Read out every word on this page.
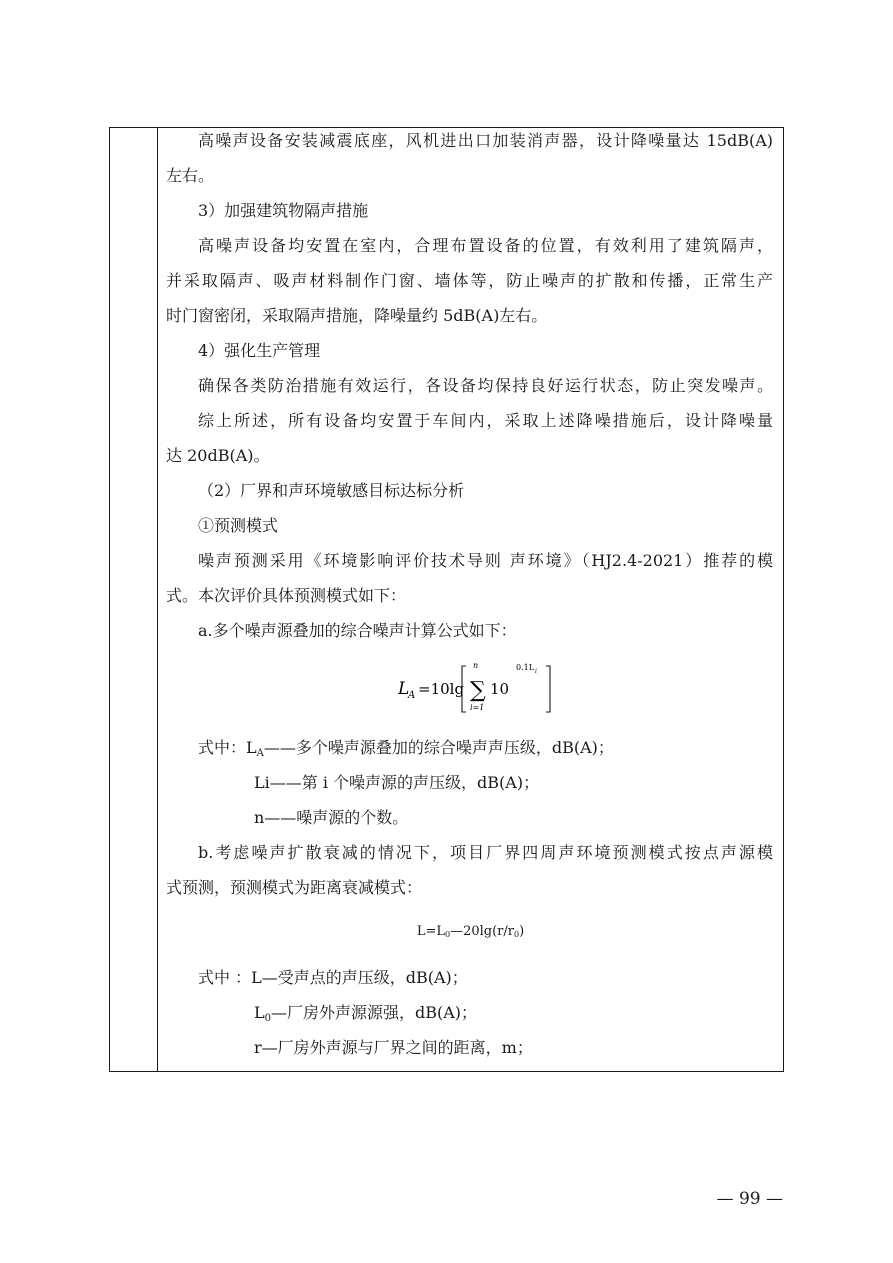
高噪声设备安装减震底座，风机进出口加装消声器，设计降噪量达 15dB(A)
左右。
3）加强建筑物隔声措施
高噪声设备均安置在室内，合理布置设备的位置，有效利用了建筑隔声，
并采取隔声、吸声材料制作门窗、墙体等，防止噪声的扩散和传播，正常生产
时门窗密闭，采取隔声措施，降噪量约 5dB(A)左右。
4）强化生产管理
确保各类防治措施有效运行，各设备均保持良好运行状态，防止突发噪声。
综上所述，所有设备均安置于车间内，采取上述降噪措施后，设计降噪量
达 20dB(A)。
（2）厂界和声环境敏感目标达标分析
①预测模式
噪声预测采用《环境影响评价技术导则 声环境》（HJ2.4-2021）推荐的模
式。本次评价具体预测模式如下：
a.多个噪声源叠加的综合噪声计算公式如下：
L
A =10lg
n
∑
i=1
10
0.1L i
式中：$L_A——$多个噪声源叠加的综合噪声声压级，dB(A)；
Li——第 i 个噪声源的声压级，dB(A)；
n——噪声源的个数。
b.考虑噪声扩散衰减的情况下，项目厂界四周声环境预测模式按点声源模
式预测，预测模式为距离衰减模式：
$L=L_0—20\lg(r/r_0)$
式中 ：L—受声点的声压级，dB(A)；
$L_0—$厂房外声源源强，dB(A)；
r—厂房外声源与厂界之间的距离，m；
— 99 —
